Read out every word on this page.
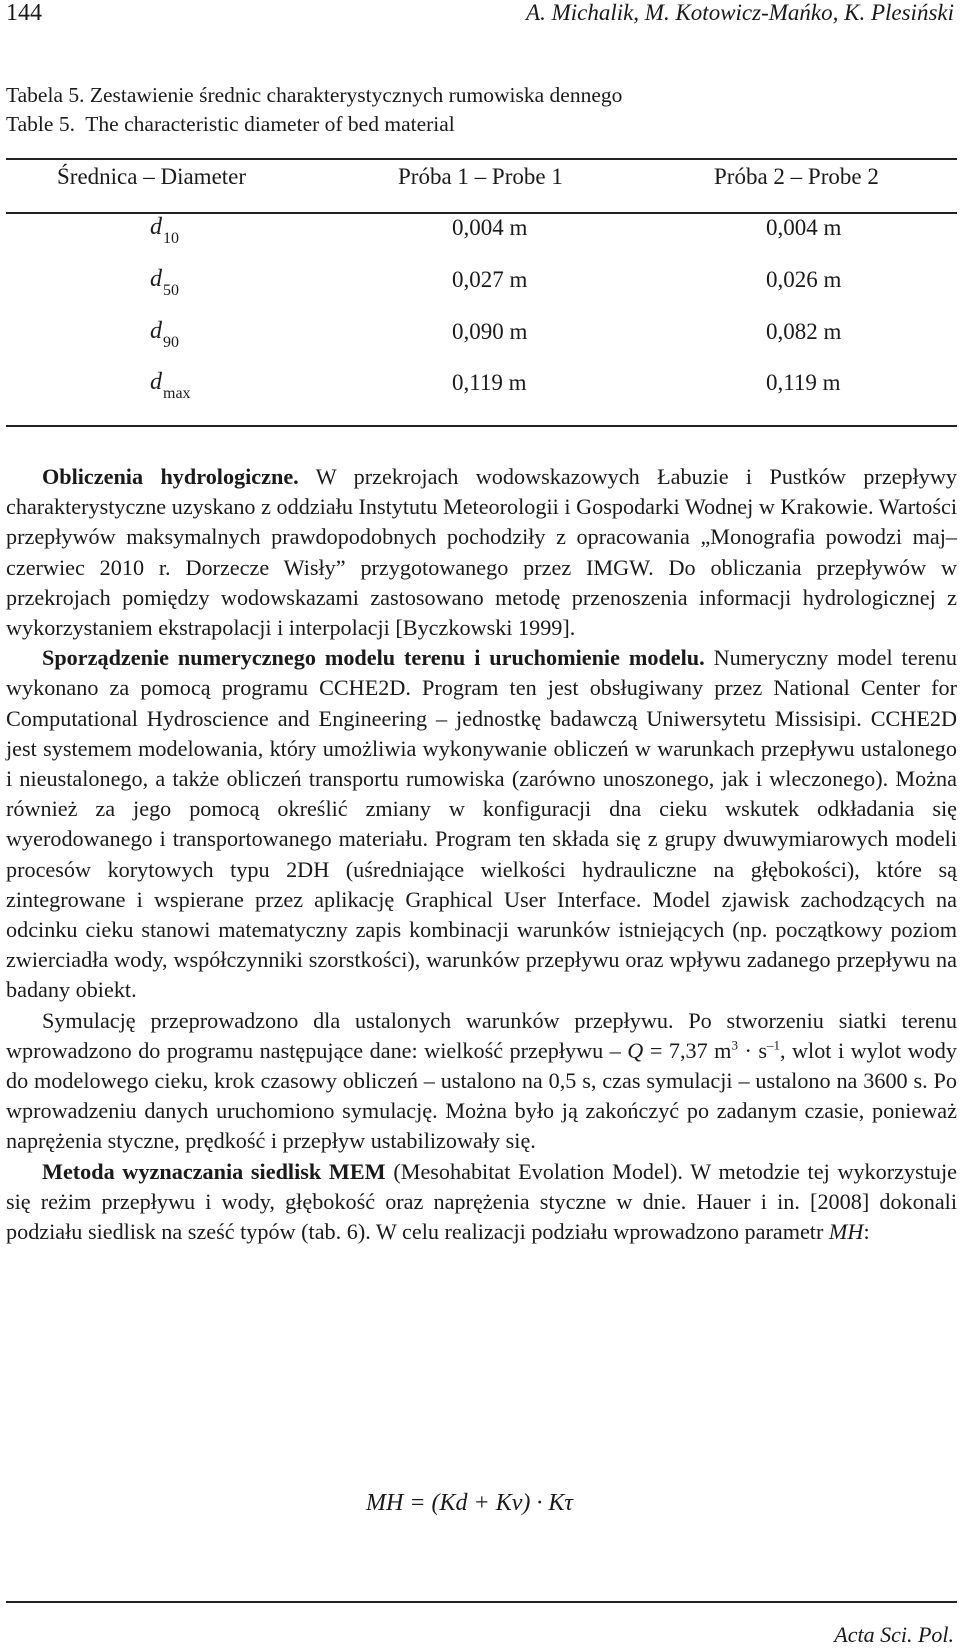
144	A. Michalik, M. Kotowicz-Mańko, K. Plesiński
Tabela 5. Zestawienie średnic charakterystycznych rumowiska dennego
Table 5.  The characteristic diameter of bed material
Średnica – Diameter	Próba 1 – Probe 1	Próba 2 – Probe 2
$d_{10}$	0,004 m	0,004 m
$d_{50}$	0,027 m	0,026 m
$d_{90}$	0,090 m	0,082 m
$d_{max}$	0,119 m	0,119 m

Obliczenia hydrologiczne. W przekrojach wodowskazowych Łabuzie i Pustków przepływy charakterystyczne uzyskano z oddziału Instytutu Meteorologii i Gospodarki Wodnej w Krakowie. Wartości przepływów maksymalnych prawdopodobnych pochodziły z opracowania „Monografia powodzi maj–czerwiec 2010 r. Dorzecze Wisły” przygotowanego przez IMGW. Do obliczania przepływów w przekrojach pomiędzy wodowskazami zastosowano metodę przenoszenia informacji hydrologicznej z wykorzystaniem ekstrapolacji i interpolacji [Byczkowski 1999].

Sporządzenie numerycznego modelu terenu i uruchomienie modelu. Numeryczny model terenu wykonano za pomocą programu CCHE2D. Program ten jest obsługiwany przez National Center for Computational Hydroscience and Engineering – jednostkę badawczą Uniwersytetu Missisipi. CCHE2D jest systemem modelowania, który umożliwia wykonywanie obliczeń w warunkach przepływu ustalonego i nieustalonego, a także obliczeń transportu rumowiska (zarówno unoszonego, jak i wleczonego). Można również za jego pomocą określić zmiany w konfiguracji dna cieku wskutek odkładania się wyerodowanego i transportowanego materiału. Program ten składa się z grupy dwuwymiarowych modeli procesów korytowych typu 2DH (uśredniające wielkości hydrauliczne na głębokości), które są zintegrowane i wspierane przez aplikację Graphical User Interface. Model zjawisk zachodzących na odcinku cieku stanowi matematyczny zapis kombinacji warunków istniejących (np. początkowy poziom zwierciadła wody, współczynniki szorstkości), warunków przepływu oraz wpływu zadanego przepływu na badany obiekt.

Symulację przeprowadzono dla ustalonych warunków przepływu. Po stworzeniu siatki terenu wprowadzono do programu następujące dane: wielkość przepływu – Q = 7,37 $m^3 \cdot s^{-1}$, wlot i wylot wody do modelowego cieku, krok czasowy obliczeń – ustalono na 0,5 s, czas symulacji – ustalono na 3600 s. Po wprowadzeniu danych uruchomiono symulację. Można było ją zakończyć po zadanym czasie, ponieważ naprężenia styczne, prędkość i przepływ ustabilizowały się.

Metoda wyznaczania siedlisk MEM (Mesohabitat Evolation Model). W metodzie tej wykorzystuje się reżim przepływu i wody, głębokość oraz naprężenia styczne w dnie. Hauer i in. [2008] dokonali podziału siedlisk na sześć typów (tab. 6). W celu realizacji podziału wprowadzono parametr MH:

MH = (Kd + Kv) · Kτ
Acta Sci. Pol.
